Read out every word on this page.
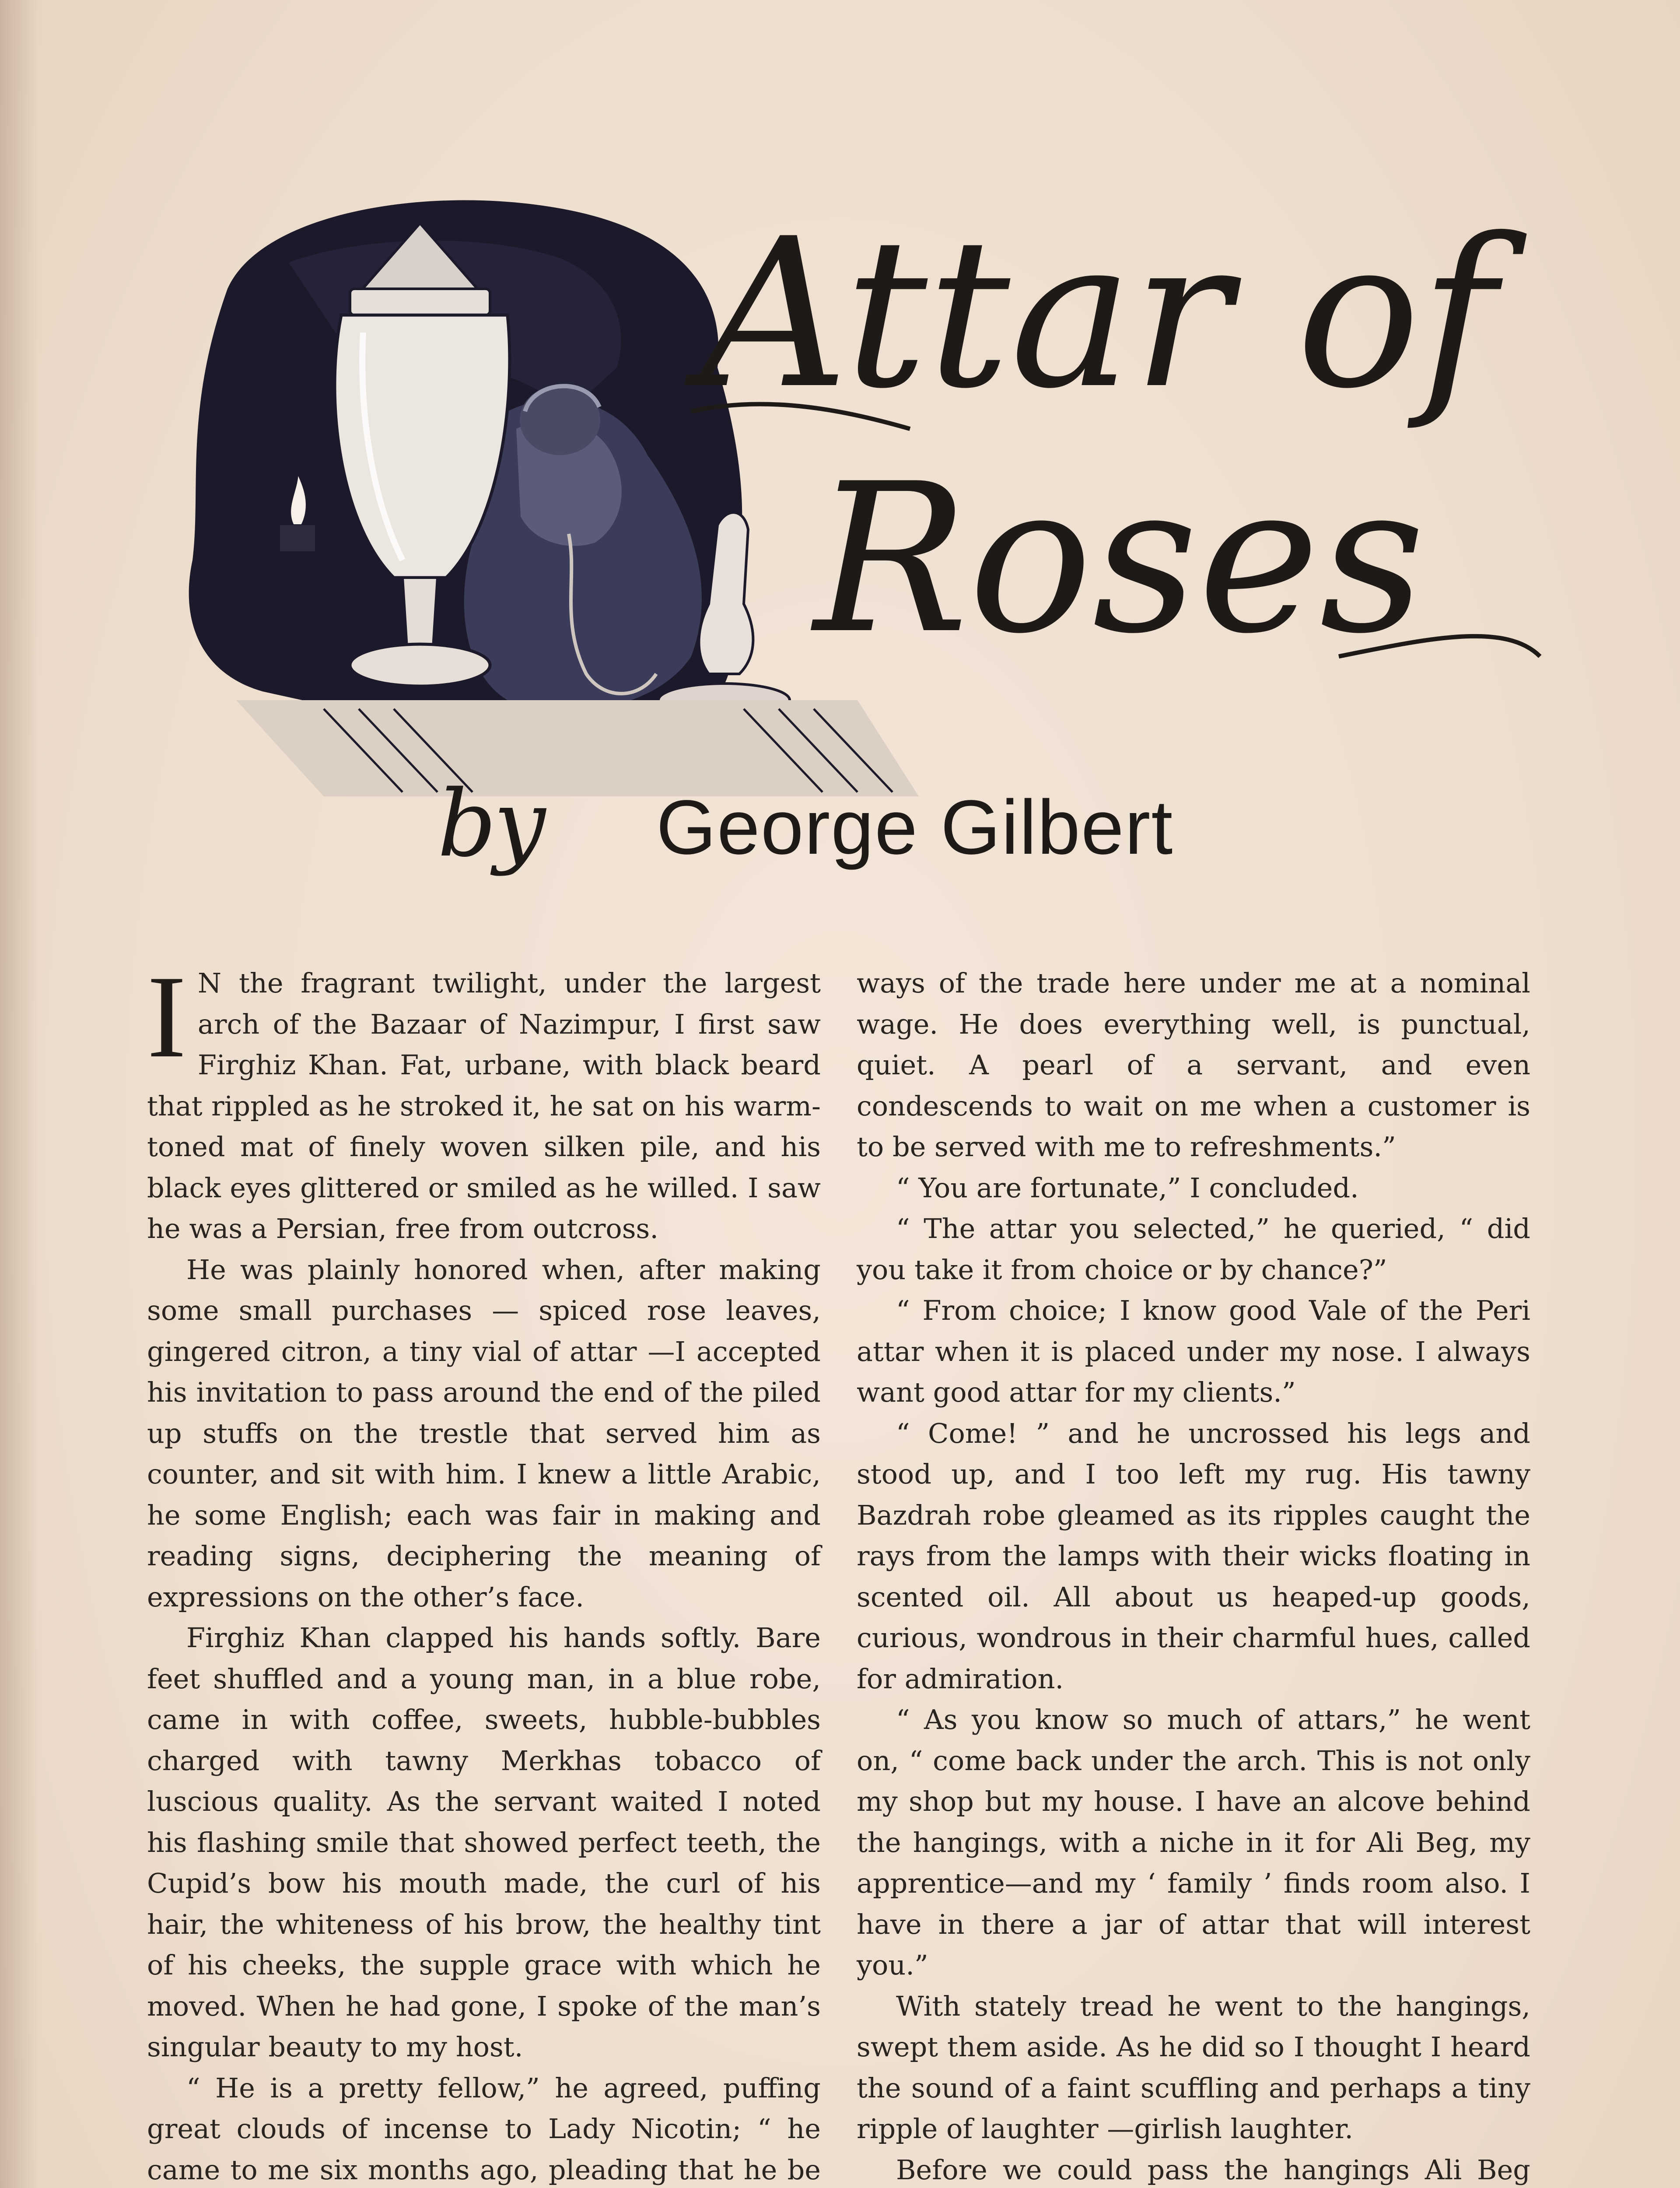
Attar of
Roses
by George Gilbert

I N the fragrant twilight, under the largest arch of the Bazaar of Nazimpur, I first saw Firghiz Khan. Fat, urbane, with black beard that rippled as he stroked it, he sat on his warm-toned mat of finely woven silken pile, and his black eyes glittered or smiled as he willed. I saw he was a Persian, free from outcross.

He was plainly honored when, after making some small purchases — spiced rose leaves, gingered citron, a tiny vial of attar —I accepted his invitation to pass around the end of the piled up stuffs on the trestle that served him as counter, and sit with him. I knew a little Arabic, he some English; each was fair in making and reading signs, deciphering the meaning of expressions on the other’s face.

Firghiz Khan clapped his hands softly. Bare feet shuffled and a young man, in a blue robe, came in with coffee, sweets, hubble-bubbles charged with tawny Merkhas tobacco of luscious quality. As the servant waited I noted his flashing smile that showed perfect teeth, the Cupid’s bow his mouth made, the curl of his hair, the whiteness of his brow, the healthy tint of his cheeks, the supple grace with which he moved. When he had gone, I spoke of the man’s singular beauty to my host.

“ He is a pretty fellow,” he agreed, puffing great clouds of incense to Lady Nicotin; “ he came to me six months ago, pleading that he be

ways of the trade here under me at a nominal wage. He does everything well, is punctual, quiet. A pearl of a servant, and even condescends to wait on me when a customer is to be served with me to refreshments.”

“ You are fortunate,” I concluded.

“ The attar you selected,” he queried, “ did you take it from choice or by chance?”

“ From choice; I know good Vale of the Peri attar when it is placed under my nose. I always want good attar for my clients.”

“ Come! ” and he uncrossed his legs and stood up, and I too left my rug. His tawny Bazdrah robe gleamed as its ripples caught the rays from the lamps with their wicks floating in scented oil. All about us heaped-up goods, curious, wondrous in their charmful hues, called for admiration.

“ As you know so much of attars,” he went on, “ come back under the arch. This is not only my shop but my house. I have an alcove behind the hangings, with a niche in it for Ali Beg, my apprentice—and my ‘ family ’ finds room also. I have in there a jar of attar that will interest you.”

With stately tread he went to the hangings, swept them aside. As he did so I thought I heard the sound of a faint scuffling and perhaps a tiny ripple of laughter —girlish laughter.

Before we could pass the hangings Ali Beg
